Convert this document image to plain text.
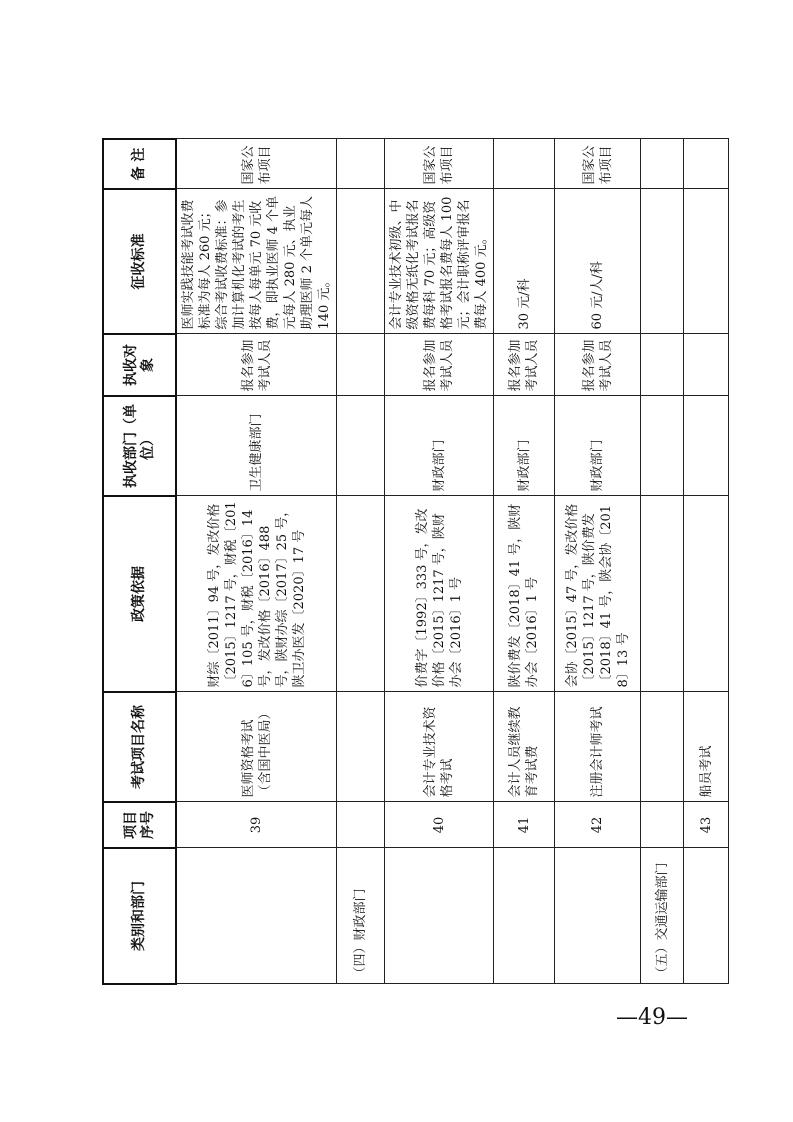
类别和部门	项目序号	考试项目名称	政策依据	执收部门（单位）	执收对象	征收标准	备 注
	39	医师资格考试（含国中医局）	财综〔2011〕94 号，发改价格〔2015〕1217 号，财税〔2016〕105 号，财税〔2016〕14 号，发改价格〔2016〕488 号，陕财办综〔2017〕25 号，陕卫办医发〔2020〕17 号	卫生健康部门	报名参加考试人员	医师实践技能考试收费标准为每人 260 元；综合考试收费标准：参加计算机化考试的考生按每人每单元 70 元收费，即执业医师 4 个单元每人 280 元、执业助理医师 2 个单元每人 140 元。	国家公布项目
（四）财政部门							
	40	会计专业技术资格考试	价费字〔1992〕333 号，发改价格〔2015〕1217 号，陕财办会〔2016〕1 号	财政部门	报名参加考试人员	会计专业技术初级、中级资格无纸化考试报名费每科 70 元；高级资格考试报名费每人 100 元；会计职称评审报名费每人 400 元。	国家公布项目
	41	会计人员继续教育考试费	陕价费发〔2018〕41 号，陕财办会〔2016〕1 号	财政部门	报名参加考试人员	30 元/科	
	42	注册会计师考试	会协〔2015〕47 号，发改价格〔2015〕1217 号，陕价费发〔2018〕41 号，陕会协〔2018〕13 号	财政部门	报名参加考试人员	60 元/人/科	国家公布项目
（五）交通运输部门							
	43	船员考试					
—49—
